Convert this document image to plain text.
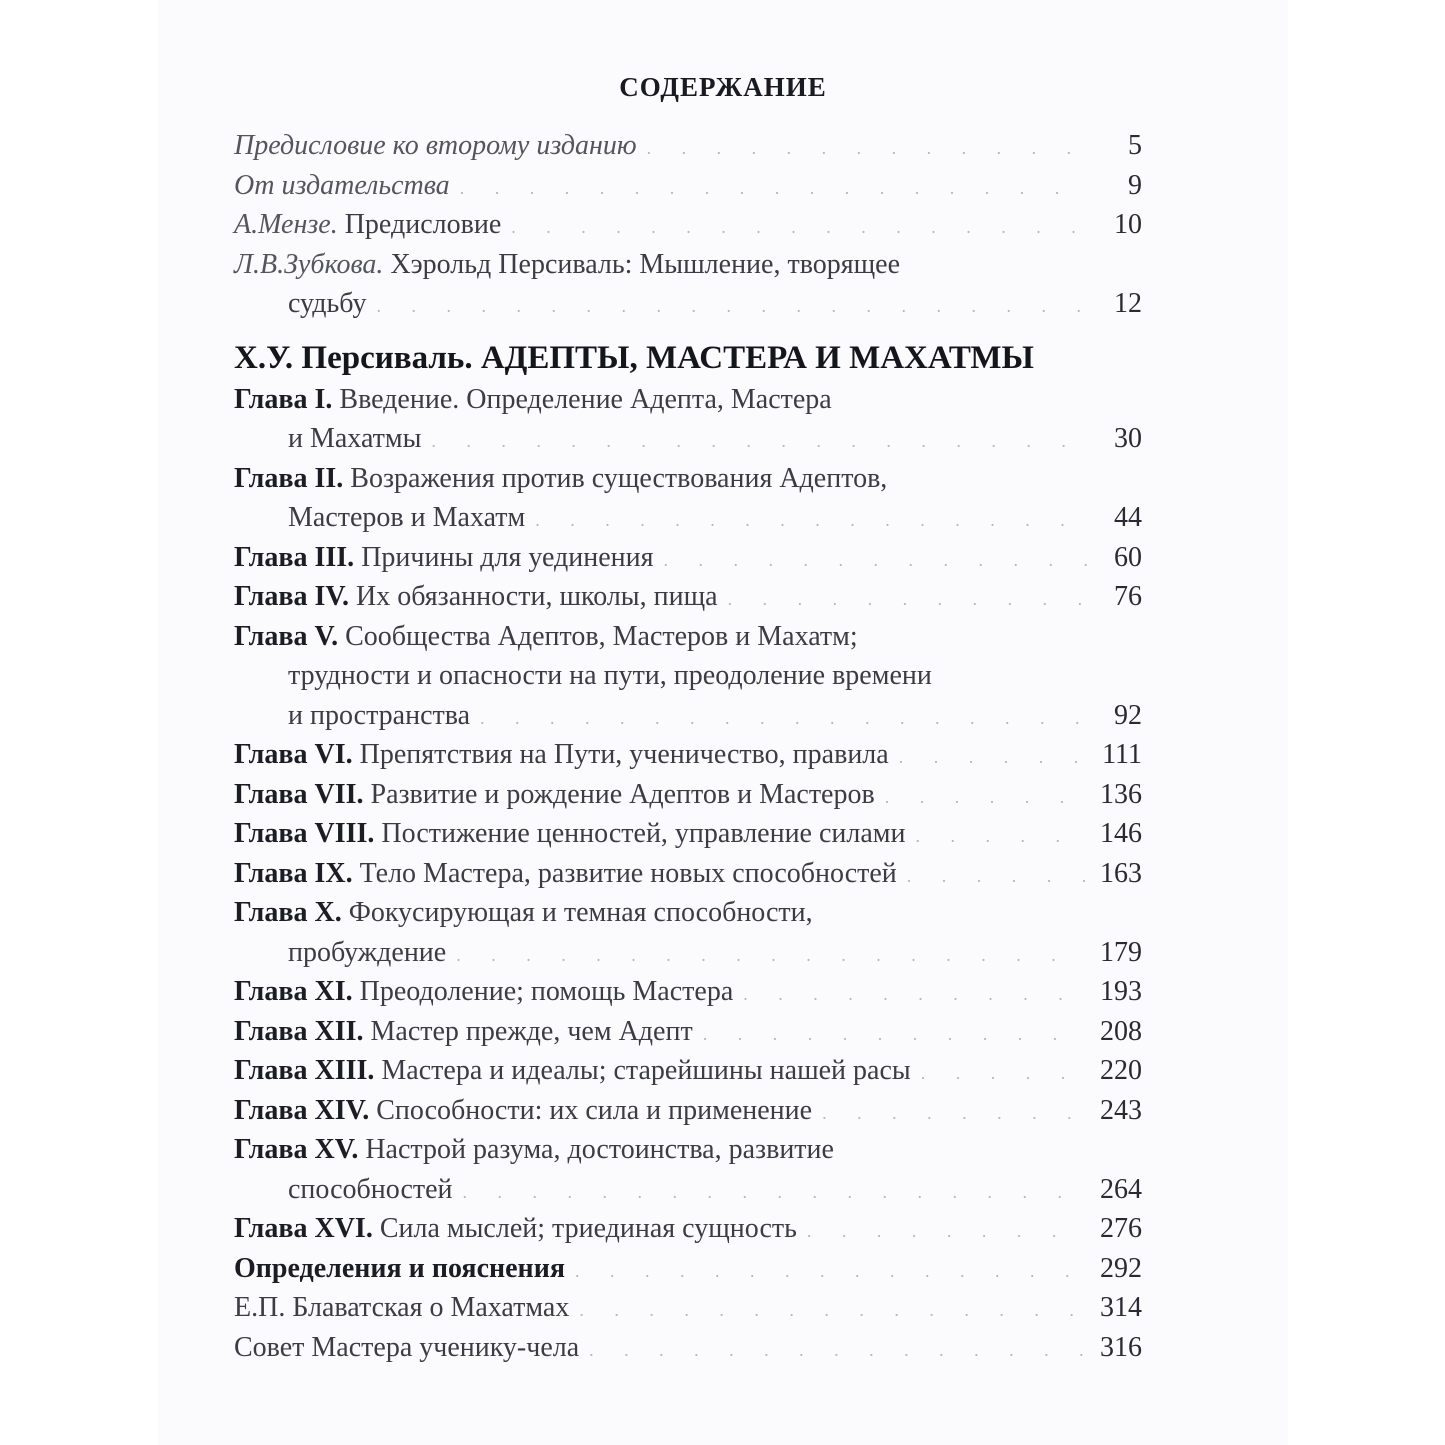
СОДЕРЖАНИЕ
Предисловие ко второму изданию . . .	5
От издательства . . .	9
А.Мензе. Предисловие . . .	10
Л.В.Зубкова. Хэрольд Персиваль: Мышление, творящее
судьбу . . .	12
Х.У. Персиваль. АДЕПТЫ, МАСТЕРА И МАХАТМЫ
Глава I. Введение. Определение Адепта, Мастера
и Махатмы . . .	30
Глава II. Возражения против существования Адептов,
Мастеров и Махатм . . .	44
Глава III. Причины для уединения . . .	60
Глава IV. Их обязанности, школы, пища . . .	76
Глава V. Сообщества Адептов, Мастеров и Махатм;
трудности и опасности на пути, преодоление времени
и пространства . . .	92
Глава VI. Препятствия на Пути, ученичество, правила . . .	111
Глава VII. Развитие и рождение Адептов и Мастеров . . .	136
Глава VIII. Постижение ценностей, управление силами . . .	146
Глава IX. Тело Мастера, развитие новых способностей . . .	163
Глава X. Фокусирующая и темная способности,
пробуждение . . .	179
Глава XI. Преодоление; помощь Мастера . . .	193
Глава XII. Мастер прежде, чем Адепт . . .	208
Глава XIII. Мастера и идеалы; старейшины нашей расы . . .	220
Глава XIV. Способности: их сила и применение . . .	243
Глава XV. Настрой разума, достоинства, развитие
способностей . . .	264
Глава XVI. Сила мыслей; триединая сущность . . .	276
Определения и пояснения . . .	292
Е.П. Блаватская о Махатмах . . .	314
Совет Мастера ученику-чела . . .	316
